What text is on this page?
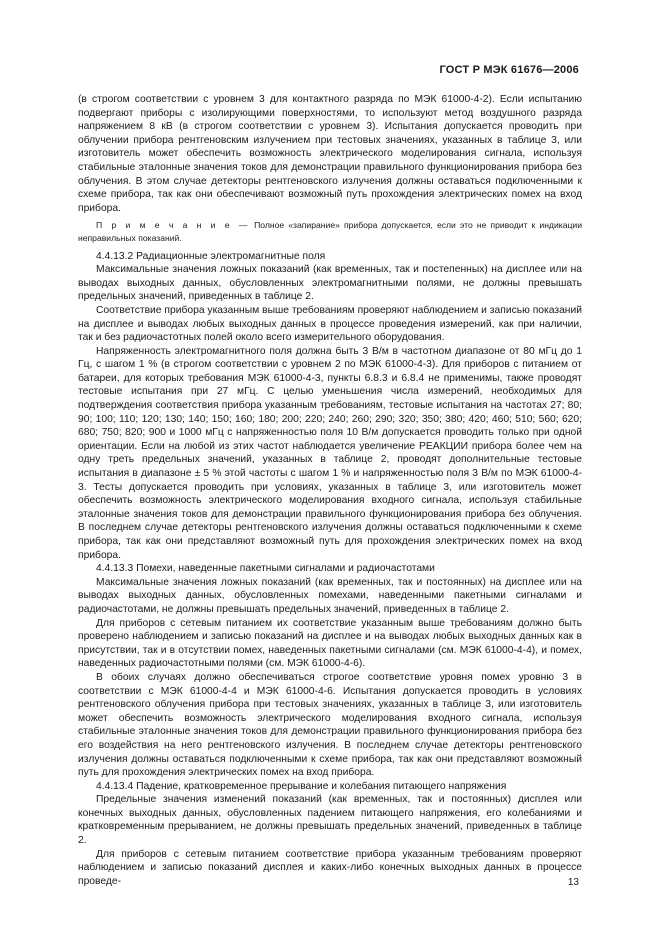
ГОСТ Р МЭК 61676—2006

(в строгом соответствии с уровнем 3 для контактного разряда по МЭК 61000-4-2). Если испытанию подвергают приборы с изолирующими поверхностями, то используют метод воздушного разряда напряжением 8 кВ (в строгом соответствии с уровнем 3). Испытания допускается проводить при облучении прибора рентгеновским излучением при тестовых значениях, указанных в таблице 3, или изготовитель может обеспечить возможность электрического моделирования сигнала, используя стабильные эталонные значения токов для демонстрации правильного функционирования прибора без облучения. В этом случае детекторы рентгеновского излучения должны оставаться подключенными к схеме прибора, так как они обеспечивают возможный путь прохождения электрических помех на вход прибора.

П р и м е ч а н и е — Полное «запирание» прибора допускается, если это не приводит к индикации неправильных показаний.

4.4.13.2 Радиационные электромагнитные поля

Максимальные значения ложных показаний (как временных, так и постепенных) на дисплее или на выводах выходных данных, обусловленных электромагнитными полями, не должны превышать предельных значений, приведенных в таблице 2.

Соответствие прибора указанным выше требованиям проверяют наблюдением и записью показаний на дисплее и выводах любых выходных данных в процессе проведения измерений, как при наличии, так и без радиочастотных полей около всего измерительного оборудования.

Напряженность электромагнитного поля должна быть 3 В/м в частотном диапазоне от 80 мГц до 1 Гц, с шагом 1 % (в строгом соответствии с уровнем 2 по МЭК 61000-4-3). Для приборов с питанием от батареи, для которых требования МЭК 61000-4-3, пункты 6.8.3 и 6.8.4 не применимы, также проводят тестовые испытания при 27 мГц. С целью уменьшения числа измерений, необходимых для подтверждения соответствия прибора указанным требованиям, тестовые испытания на частотах 27; 80; 90; 100; 110; 120; 130; 140; 150; 160; 180; 200; 220; 240; 260; 290; 320; 350; 380; 420; 460; 510; 560; 620; 680; 750; 820; 900 и 1000 мГц с напряженностью поля 10 В/м допускается проводить только при одной ориентации. Если на любой из этих частот наблюдается увеличение РЕАКЦИИ прибора более чем на одну треть предельных значений, указанных в таблице 2, проводят дополнительные тестовые испытания в диапазоне ± 5 % этой частоты с шагом 1 % и напряженностью поля 3 В/м по МЭК 61000-4-3. Тесты допускается проводить при условиях, указанных в таблице 3, или изготовитель может обеспечить возможность электрического моделирования входного сигнала, используя стабильные эталонные значения токов для демонстрации правильного функционирования прибора без облучения. В последнем случае детекторы рентгеновского излучения должны оставаться подключенными к схеме прибора, так как они представляют возможный путь для прохождения электрических помех на вход прибора.

4.4.13.3 Помехи, наведенные пакетными сигналами и радиочастотами

Максимальные значения ложных показаний (как временных, так и постоянных) на дисплее или на выводах выходных данных, обусловленных помехами, наведенными пакетными сигналами и радиочастотами, не должны превышать предельных значений, приведенных в таблице 2.

Для приборов с сетевым питанием их соответствие указанным выше требованиям должно быть проверено наблюдением и записью показаний на дисплее и на выводах любых выходных данных как в присутствии, так и в отсутствии помех, наведенных пакетными сигналами (см. МЭК 61000-4-4), и помех, наведенных радиочастотными полями (см. МЭК 61000-4-6).

В обоих случаях должно обеспечиваться строгое соответствие уровня помех уровню 3 в соответствии с МЭК 61000-4-4 и МЭК 61000-4-6. Испытания допускается проводить в условиях рентгеновского облучения прибора при тестовых значениях, указанных в таблице 3, или изготовитель может обеспечить возможность электрического моделирования входного сигнала, используя стабильные эталонные значения токов для демонстрации правильного функционирования прибора без его воздействия на него рентгеновского излучения. В последнем случае детекторы рентгеновского излучения должны оставаться подключенными к схеме прибора, так как они представляют возможный путь для прохождения электрических помех на вход прибора.

4.4.13.4 Падение, кратковременное прерывание и колебания питающего напряжения

Предельные значения изменений показаний (как временных, так и постоянных) дисплея или конечных выходных данных, обусловленных падением питающего напряжения, его колебаниями и кратковременным прерыванием, не должны превышать предельных значений, приведенных в таблице 2.

Для приборов с сетевым питанием соответствие прибора указанным требованиям проверяют наблюдением и записью показаний дисплея и каких-либо конечных выходных данных в процессе проведе-	13
